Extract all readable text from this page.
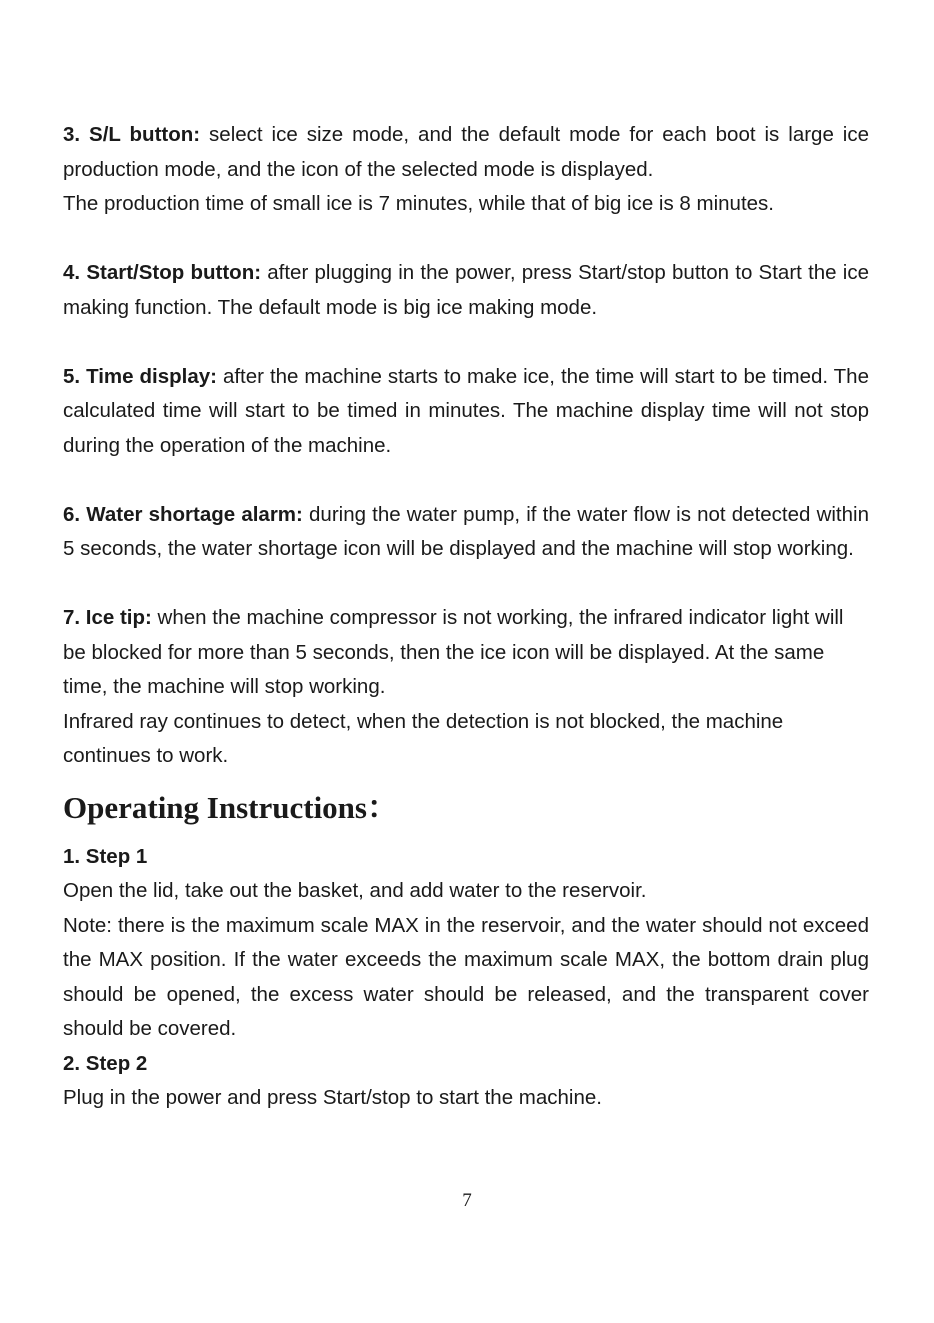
3. S/L button: select ice size mode, and the default mode for each boot is large ice production mode, and the icon of the selected mode is displayed.
The production time of small ice is 7 minutes, while that of big ice is 8 minutes.

4. Start/Stop button: after plugging in the power, press Start/stop button to Start the ice making function. The default mode is big ice making mode.

5. Time display: after the machine starts to make ice, the time will start to be timed. The calculated time will start to be timed in minutes. The machine display time will not stop during the operation of the machine.

6. Water shortage alarm: during the water pump, if the water flow is not detected within 5 seconds, the water shortage icon will be displayed and the machine will stop working.

7. Ice tip: when the machine compressor is not working, the infrared indicator light will be blocked for more than 5 seconds, then the ice icon will be displayed. At the same time, the machine will stop working.
Infrared ray continues to detect, when the detection is not blocked, the machine continues to work.

Operating Instructions：

1. Step 1

Open the lid, take out the basket, and add water to the reservoir.

Note: there is the maximum scale MAX in the reservoir, and the water should not exceed the MAX position. If the water exceeds the maximum scale MAX, the bottom drain plug should be opened, the excess water should be released, and the transparent cover should be covered.

2. Step 2

Plug in the power and press Start/stop to start the machine.

7
